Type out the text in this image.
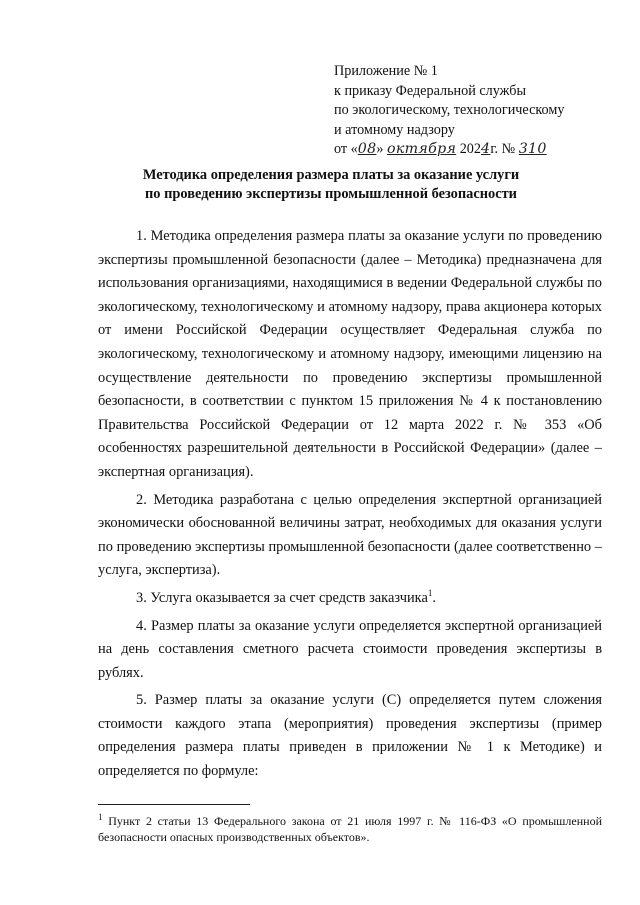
Приложение № 1
к приказу Федеральной службы
по экологическому, технологическому
и атомному надзору
от «08» октября 2024г. № 310
Методика определения размера платы за оказание услуги
по проведению экспертизы промышленной безопасности

1. Методика определения размера платы за оказание услуги по проведению экспертизы промышленной безопасности (далее – Методика) предназначена для использования организациями, находящимися в ведении Федеральной службы по экологическому, технологическому и атомному надзору, права акционера которых от имени Российской Федерации осуществляет Федеральная служба по экологическому, технологическому и атомному надзору, имеющими лицензию на осуществление деятельности по проведению экспертизы промышленной безопасности, в соответствии с пунктом 15 приложения № 4 к постановлению Правительства Российской Федерации от 12 марта 2022 г. № 353 «Об особенностях разрешительной деятельности в Российской Федерации» (далее – экспертная организация).

2. Методика разработана с целью определения экспертной организацией экономически обоснованной величины затрат, необходимых для оказания услуги по проведению экспертизы промышленной безопасности (далее соответственно – услуга, экспертиза).

3. Услуга оказывается за счет средств заказчика$^1$.

4. Размер платы за оказание услуги определяется экспертной организацией на день составления сметного расчета стоимости проведения экспертизы в рублях.

5. Размер платы за оказание услуги (С) определяется путем сложения стоимости каждого этапа (мероприятия) проведения экспертизы (пример определения размера платы приведен в приложении № 1 к Методике) и определяется по формуле:

$^1$ Пункт 2 статьи 13 Федерального закона от 21 июля 1997 г. № 116-ФЗ «О промышленной безопасности опасных производственных объектов».
